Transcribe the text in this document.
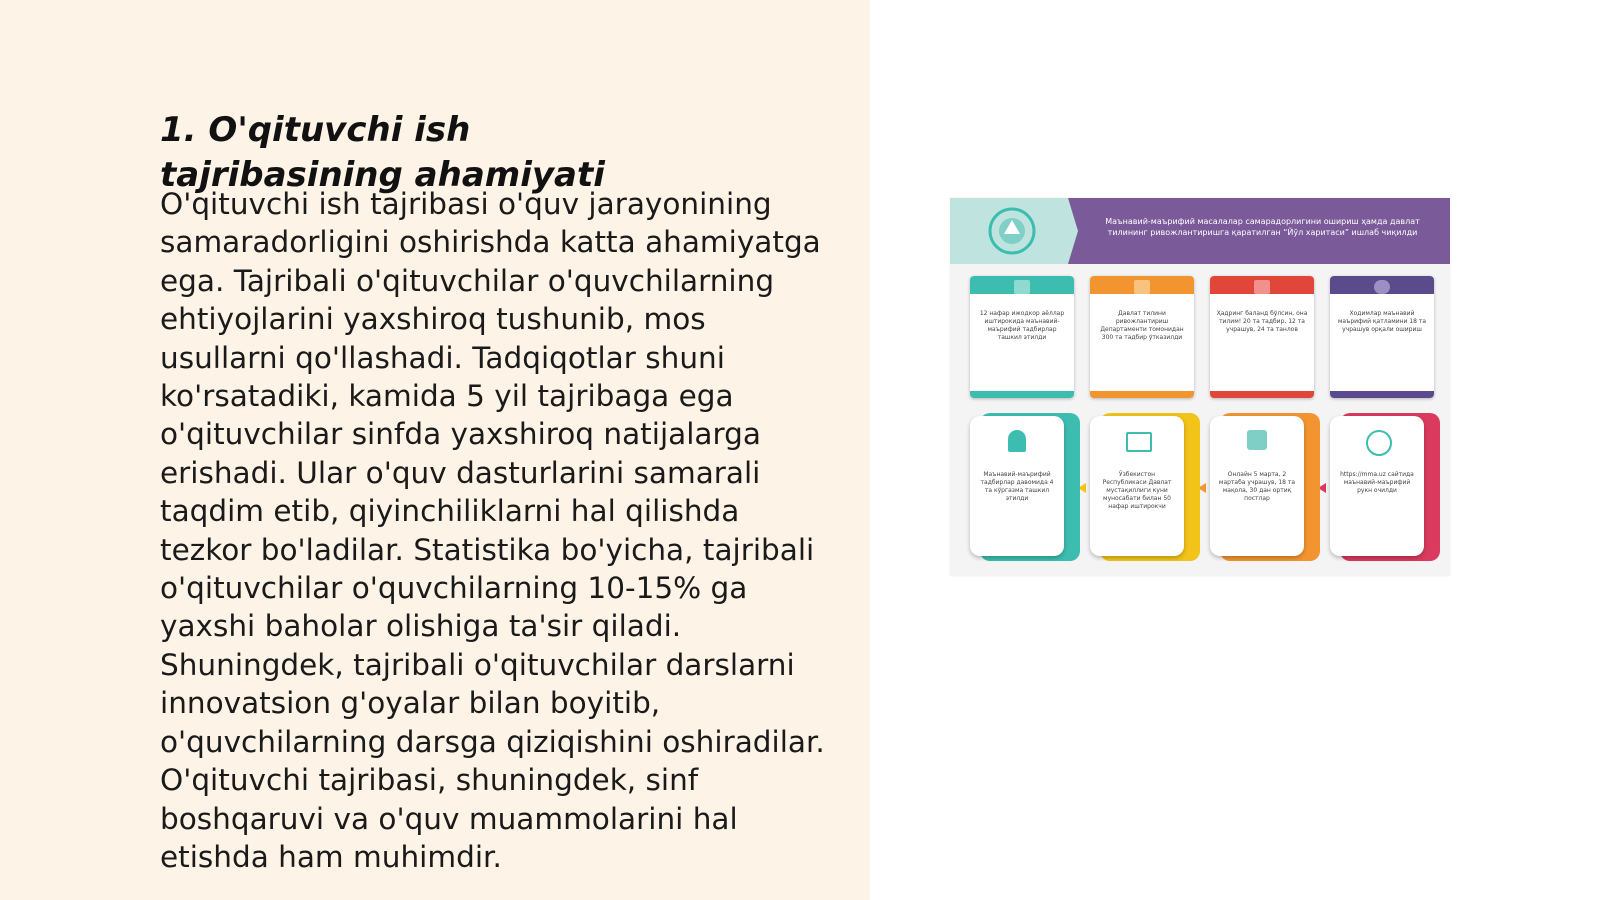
1. O'qituvchi ish tajribasining ahamiyati

O'qituvchi ish tajribasi o'quv jarayonining samaradorligini oshirishda katta ahamiyatga ega. Tajribali o'qituvchilar o'quvchilarning ehtiyojlarini yaxshiroq tushunib, mos usullarni qo'llashadi. Tadqiqotlar shuni ko'rsatadiki, kamida 5 yil tajribaga ega o'qituvchilar sinfda yaxshiroq natijalarga erishadi. Ular o'quv dasturlarini samarali taqdim etib, qiyinchiliklarni hal qilishda tezkor bo'ladilar. Statistika bo'yicha, tajribali o'qituvchilar o'quvchilarning 10-15% ga yaxshi baholar olishiga ta'sir qiladi. Shuningdek, tajribali o'qituvchilar darslarni innovatsion g'oyalar bilan boyitib, o'quvchilarning darsga qiziqishini oshiradilar. O'qituvchi tajribasi, shuningdek, sinf boshqaruvi va o'quv muammolarini hal etishda ham muhimdir.

Маънавий-маърифий масалалар самарадорлигини ошириш ҳамда давлат тилининг ривожлантиришга қаратилган “Йўл харитаси” ишлаб чиқилди
12 нафар ижодкор аёллар иштирокида маънавий-маърифий тадбирлар ташкил этилди
Давлат тилини ривожлантириш Департаменти томонидан 300 та тадбир ўтказилди
Ҳадринг баланд бўлсин, она тилим! 20 та тадбир, 12 та учрашув, 24 та танлов
Ходимлар маънавий маърифий қатламини 18 та учрашув орқали ошириш
Маънавий-маърифий тадбирлар давомида 4 та кўргазма ташкил этилди
Ўзбекистон Республикаси Давлат мустақиллиги куни муносабати билан 50 нафар иштирокчи
Онлайн 5 марта, 2 мартаба учрашув, 18 та мақола, 30 дан ортиқ постлар
https://mma.uz сайтида маънавий-маърифий рукн очилди
